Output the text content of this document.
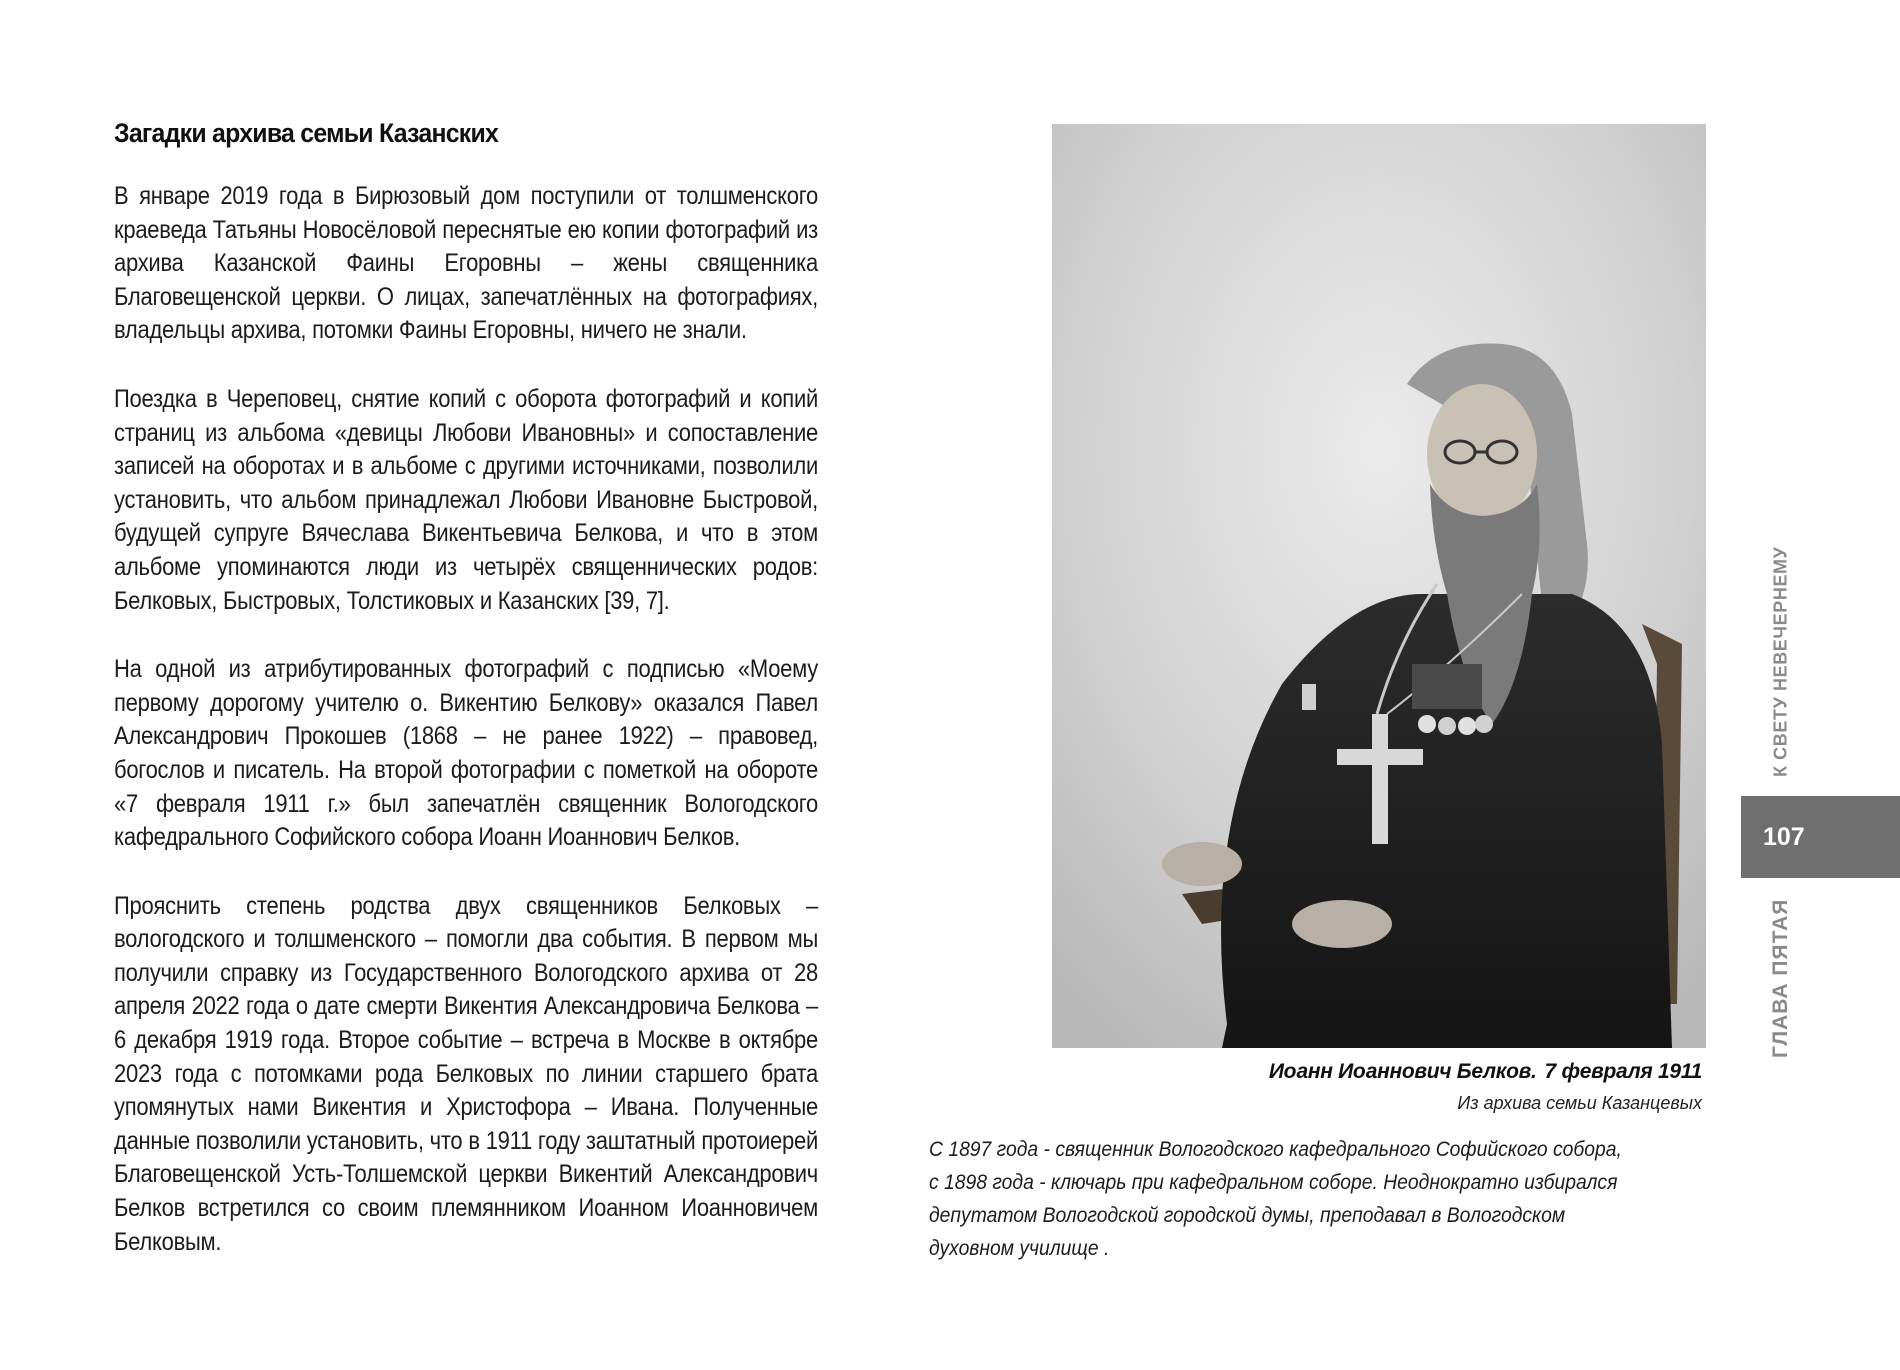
Загадки архива семьи Казанских

В январе 2019 года в Бирюзовый дом поступили от толшменского краеведа Татьяны Новосёловой переснятые ею копии фотографий из архива Казанской Фаины Егоровны – жены священника Благовещенской церкви. О лицах, запечатлённых на фотографиях, владельцы архива, потомки Фаины Егоровны, ничего не знали.

Поездка в Череповец, снятие копий с оборота фотографий и копий страниц из альбома «девицы Любови Ивановны» и сопоставление записей на оборотах и в альбоме с другими источниками, позволили установить, что альбом принадлежал Любови Ивановне Быстровой, будущей супруге Вячеслава Викентьевича Белкова, и что в этом альбоме упоминаются люди из четырёх священнических родов: Белковых, Быстровых, Толстиковых и Казанских [39, 7].

На одной из атрибутированных фотографий с подписью «Моему первому дорогому учителю о. Викентию Белкову» оказался Павел Александрович Прокошев (1868 – не ранее 1922) – правовед, богослов и писатель. На второй фотографии с пометкой на обороте «7 февраля 1911 г.» был запечатлён священник Вологодского кафедрального Софийского собора Иоанн Иоаннович Белков.

Прояснить степень родства двух священников Белковых – вологодского и толшменского – помогли два события. В первом мы получили справку из Государственного Вологодского архива от 28 апреля 2022 года о дате смерти Викентия Александровича Белкова – 6 декабря 1919 года. Второе событие – встреча в Москве в октябре 2023 года с потомками рода Белковых по линии старшего брата упомянутых нами Викентия и Христофора – Ивана. Полученные данные позволили установить, что в 1911 году заштатный протоиерей Благовещенской Усть-Толшемской церкви Викентий Александрович Белков встретился со своим племянником Иоанном Иоанновичем Белковым.

Иоанн Иоаннович Белков. 7 февраля 1911
Из архива семьи Казанцевых
С 1897 года - священник Вологодского кафедрального Софийского собора, с 1898 года - ключарь при кафедральном соборе. Неоднократно избирался депутатом Вологодской городской думы, преподавал в Вологодском духовном училище .
К СВЕТУ НЕВЕЧЕРНЕМУ
107
ГЛАВА ПЯТАЯ
